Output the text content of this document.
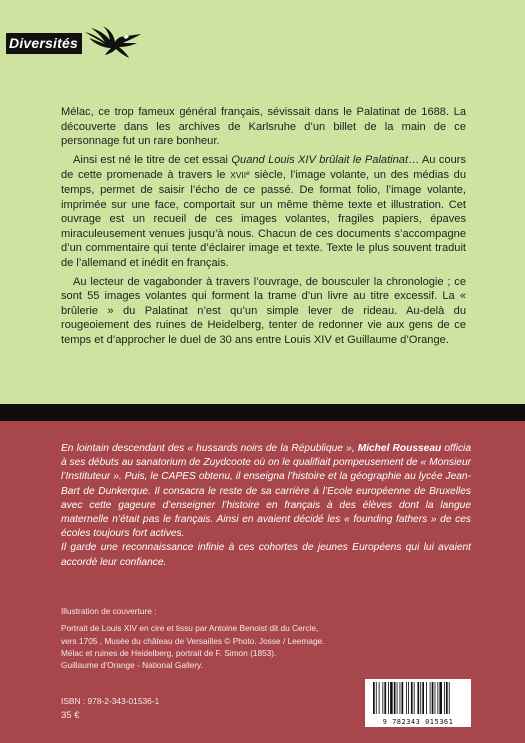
Diversités

Mélac, ce trop fameux général français, sévissait dans le Palatinat de 1688. La découverte dans les archives de Karlsruhe d’un billet de la main de ce personnage fut un rare bonheur.

Ainsi est né le titre de cet essai Quand Louis XIV brûlait le Palatinat… Au cours de cette promenade à travers le XVIIe siècle, l’image volante, un des médias du temps, permet de saisir l’écho de ce passé. De format folio, l’image volante, imprimée sur une face, comportait sur un même thème texte et illustration. Cet ouvrage est un recueil de ces images volantes, fragiles papiers, épaves miraculeusement venues jusqu’à nous. Chacun de ces documents s’accompagne d’un commentaire qui tente d’éclairer image et texte. Texte le plus souvent traduit de l’allemand et inédit en français.

Au lecteur de vagabonder à travers l’ouvrage, de bousculer la chronologie ; ce sont 55 images volantes qui forment la trame d’un livre au titre excessif. La « brûlerie » du Palatinat n’est qu’un simple lever de rideau. Au-delà du rougeoiement des ruines de Heidelberg, tenter de redonner vie aux gens de ce temps et d’approcher le duel de 30 ans entre Louis XIV et Guillaume d’Orange.

En lointain descendant des « hussards noirs de la République », Michel Rousseau officia à ses débuts au sanatorium de Zuydcoote où on le qualifiait pompeusement de « Monsieur l’Instituteur ». Puis, le CAPES obtenu, il enseigna l’histoire et la géographie au lycée Jean-Bart de Dunkerque. Il consacra le reste de sa carrière à l’Ecole européenne de Bruxelles avec cette gageure d’enseigner l’histoire en français à des élèves dont la langue maternelle n’était pas le français. Ainsi en avaient décidé les « founding fathers » de ces écoles toujours fort actives.

Il garde une reconnaissance infinie à ces cohortes de jeunes Européens qui lui avaient accordé leur confiance.

Illustration de couverture :
Portrait de Louis XIV en cire et tissu par Antoine Benoist dit du Cercle,
vers 1705 , Musée du château de Versailles © Photo. Josse / Leemage.
Mélac et ruines de Heidelberg, portrait de F. Simon (1853).
Guillaume d’Orange - National Gallery.
ISBN : 978-2-343-01536-1
35 €
9 782343 015361
